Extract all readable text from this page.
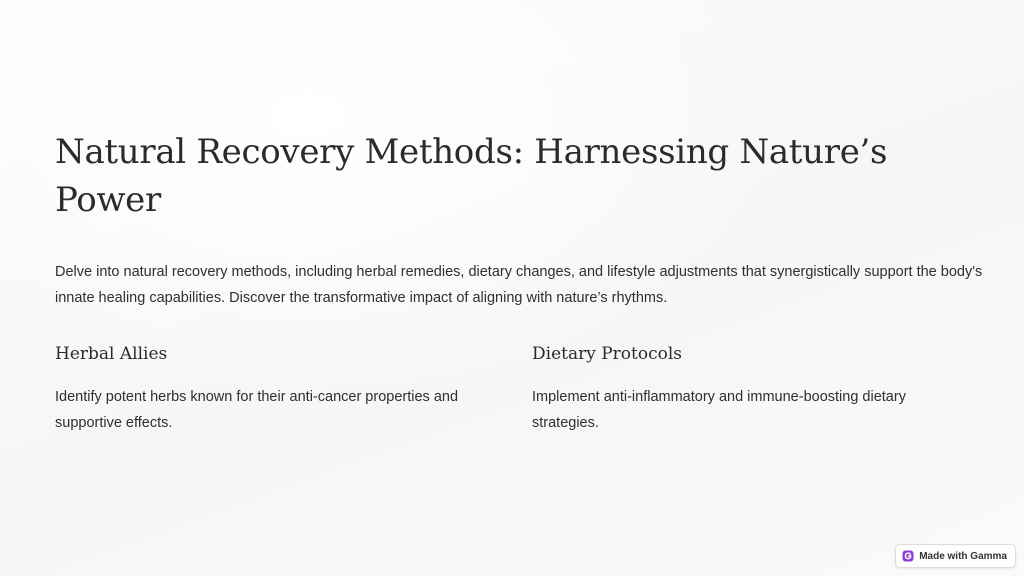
Natural Recovery Methods: Harnessing Nature’s Power

Delve into natural recovery methods, including herbal remedies, dietary changes, and lifestyle adjustments that synergistically support the body's innate healing capabilities. Discover the transformative impact of aligning with nature’s rhythms.

Herbal Allies

Identify potent herbs known for their anti-cancer properties and supportive effects.

Dietary Protocols

Implement anti-inflammatory and immune-boosting dietary strategies.

Made with Gamma
